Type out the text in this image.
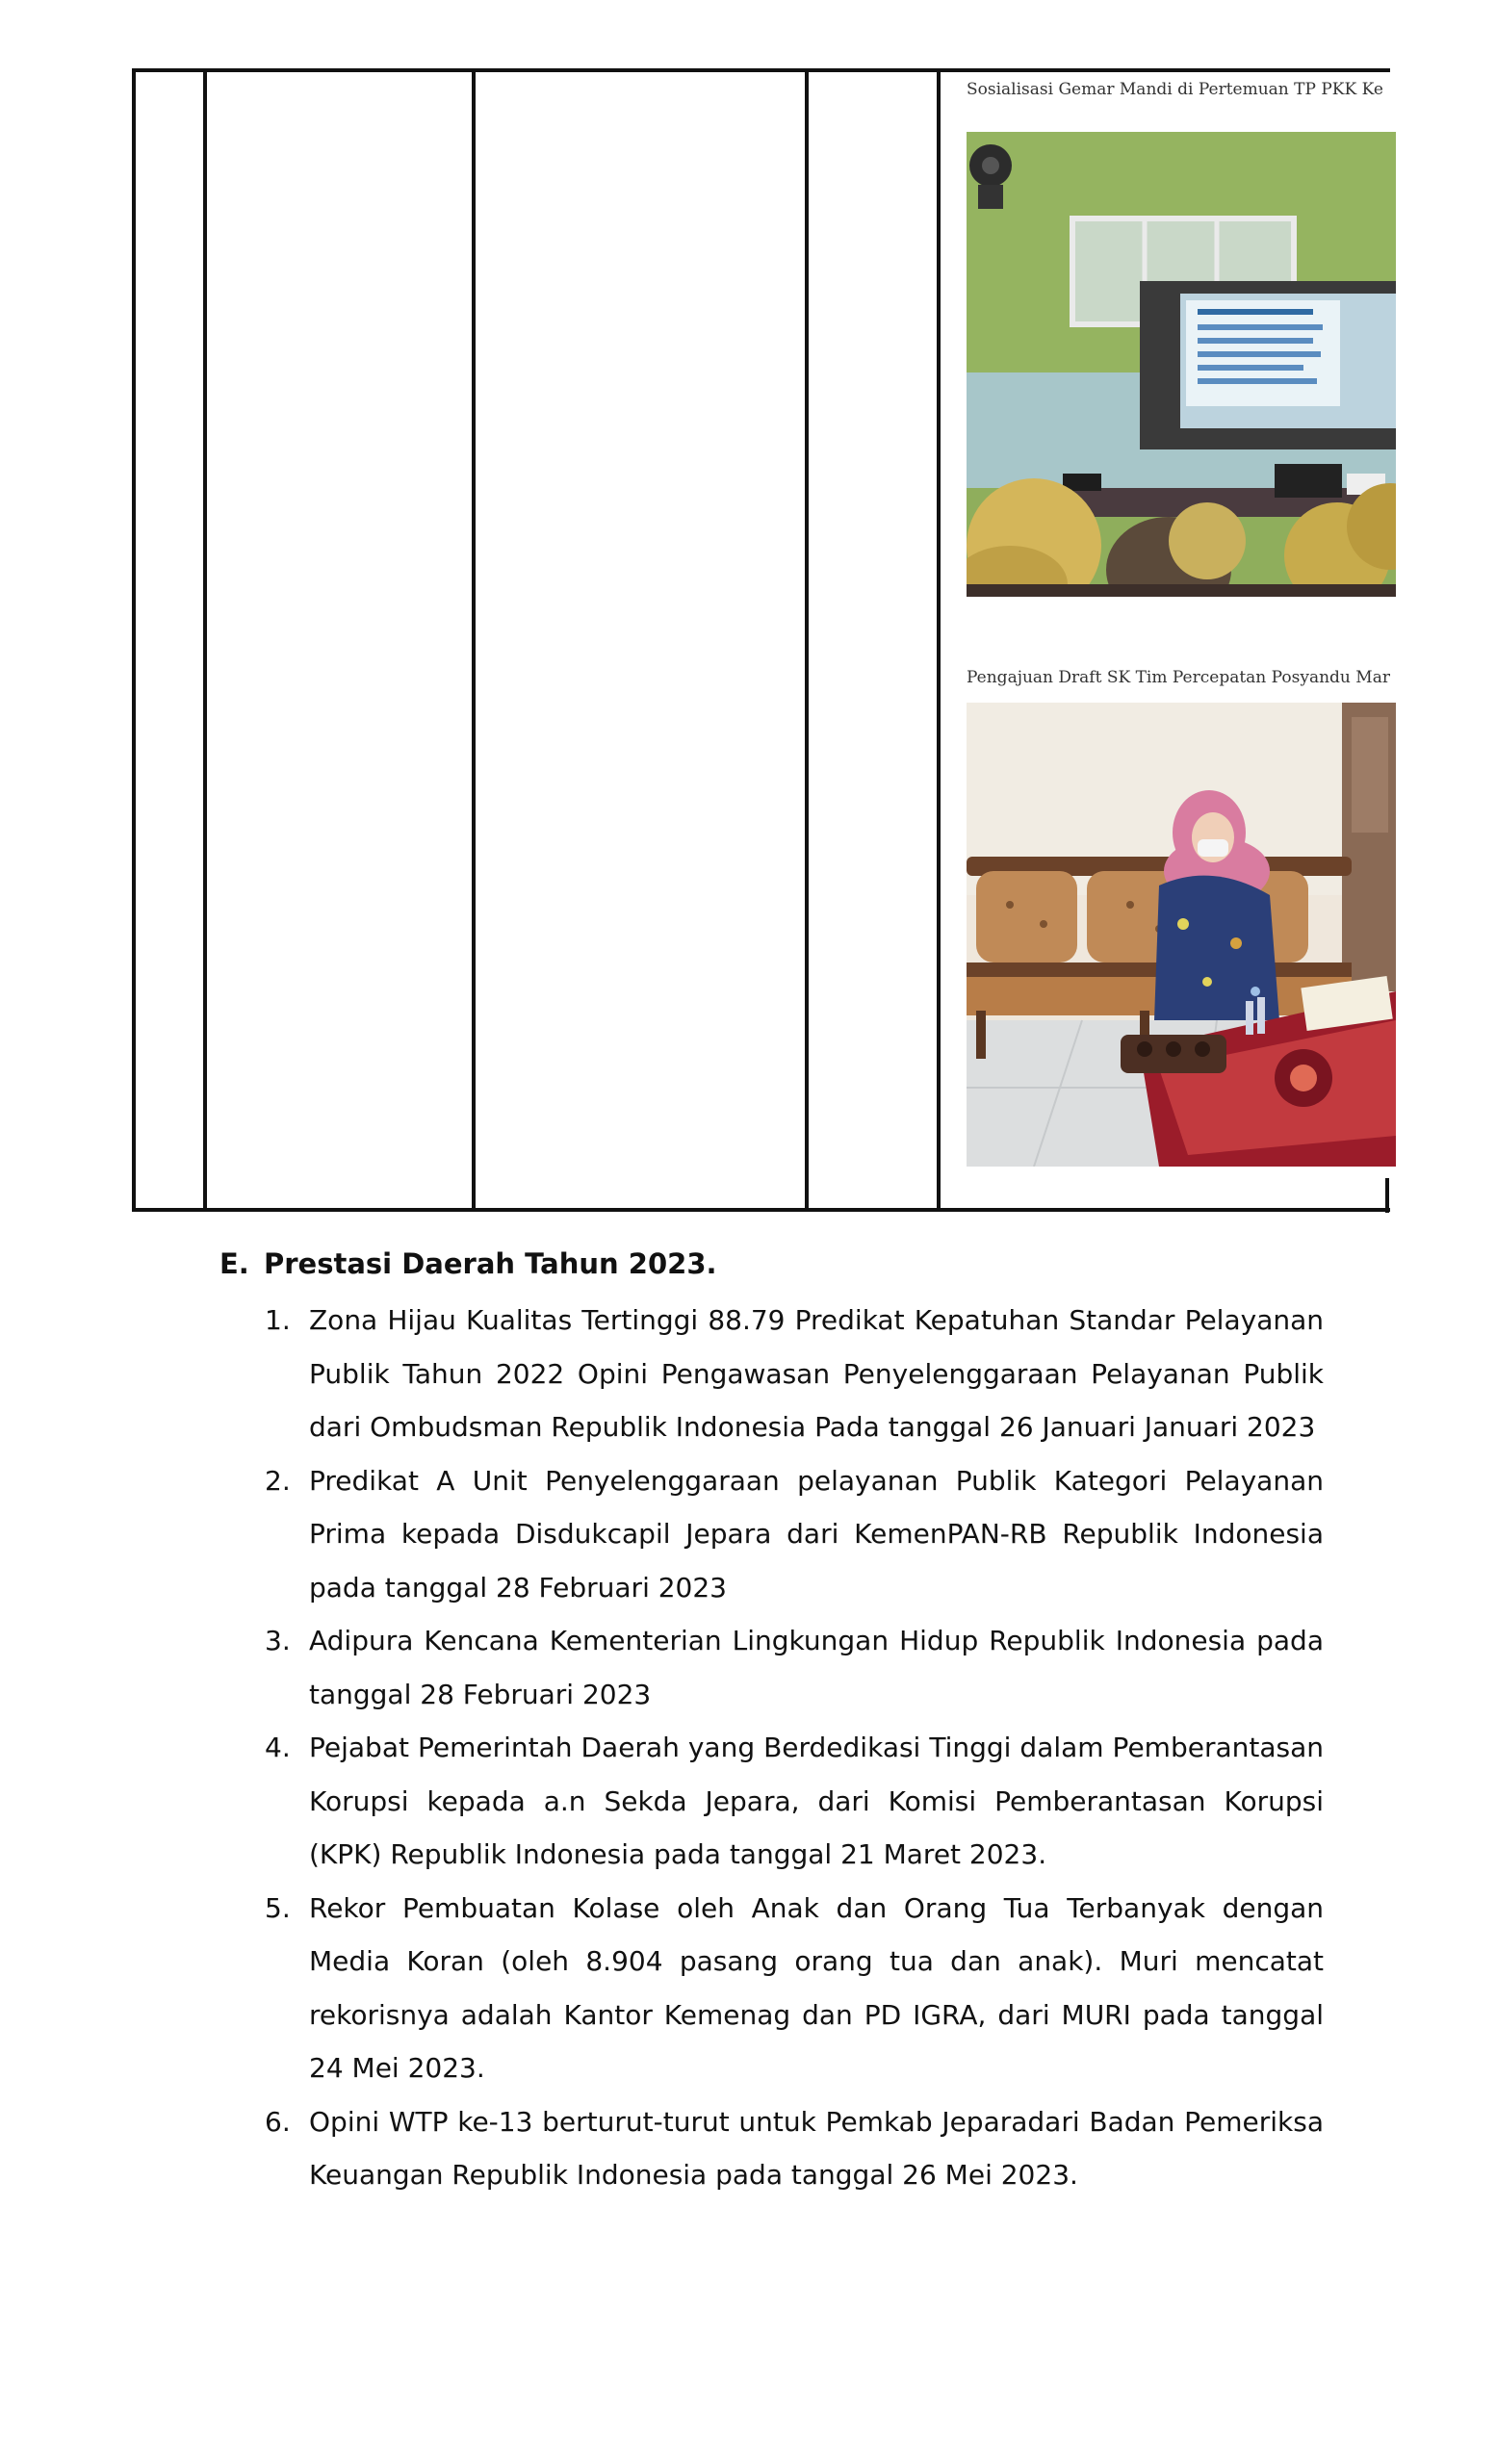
Sosialisasi Gemar Mandi di Pertemuan TP PKK Ke
Pengajuan Draft SK Tim Percepatan Posyandu Mar
E. Prestasi Daerah Tahun 2023.
1. Zona Hijau Kualitas Tertinggi 88.79 Predikat Kepatuhan Standar Pelayanan Publik Tahun 2022 Opini Pengawasan Penyelenggaraan Pelayanan Publik dari Ombudsman Republik Indonesia Pada tanggal 26 Januari Januari 2023
2. Predikat A Unit Penyelenggaraan pelayanan Publik Kategori Pelayanan Prima kepada Disdukcapil Jepara dari KemenPAN-RB Republik Indonesia pada tanggal 28 Februari 2023
3. Adipura Kencana Kementerian Lingkungan Hidup Republik Indonesia pada tanggal 28 Februari 2023
4. Pejabat Pemerintah Daerah yang Berdedikasi Tinggi dalam Pemberantasan Korupsi kepada a.n Sekda Jepara, dari Komisi Pemberantasan Korupsi (KPK) Republik Indonesia pada tanggal 21 Maret 2023.
5. Rekor Pembuatan Kolase oleh Anak dan Orang Tua Terbanyak dengan Media Koran (oleh 8.904 pasang orang tua dan anak). Muri mencatat rekorisnya adalah Kantor Kemenag dan PD IGRA, dari MURI pada tanggal 24 Mei 2023.
6. Opini WTP ke-13 berturut-turut untuk Pemkab Jeparadari Badan Pemeriksa Keuangan Republik Indonesia pada tanggal 26 Mei 2023.
